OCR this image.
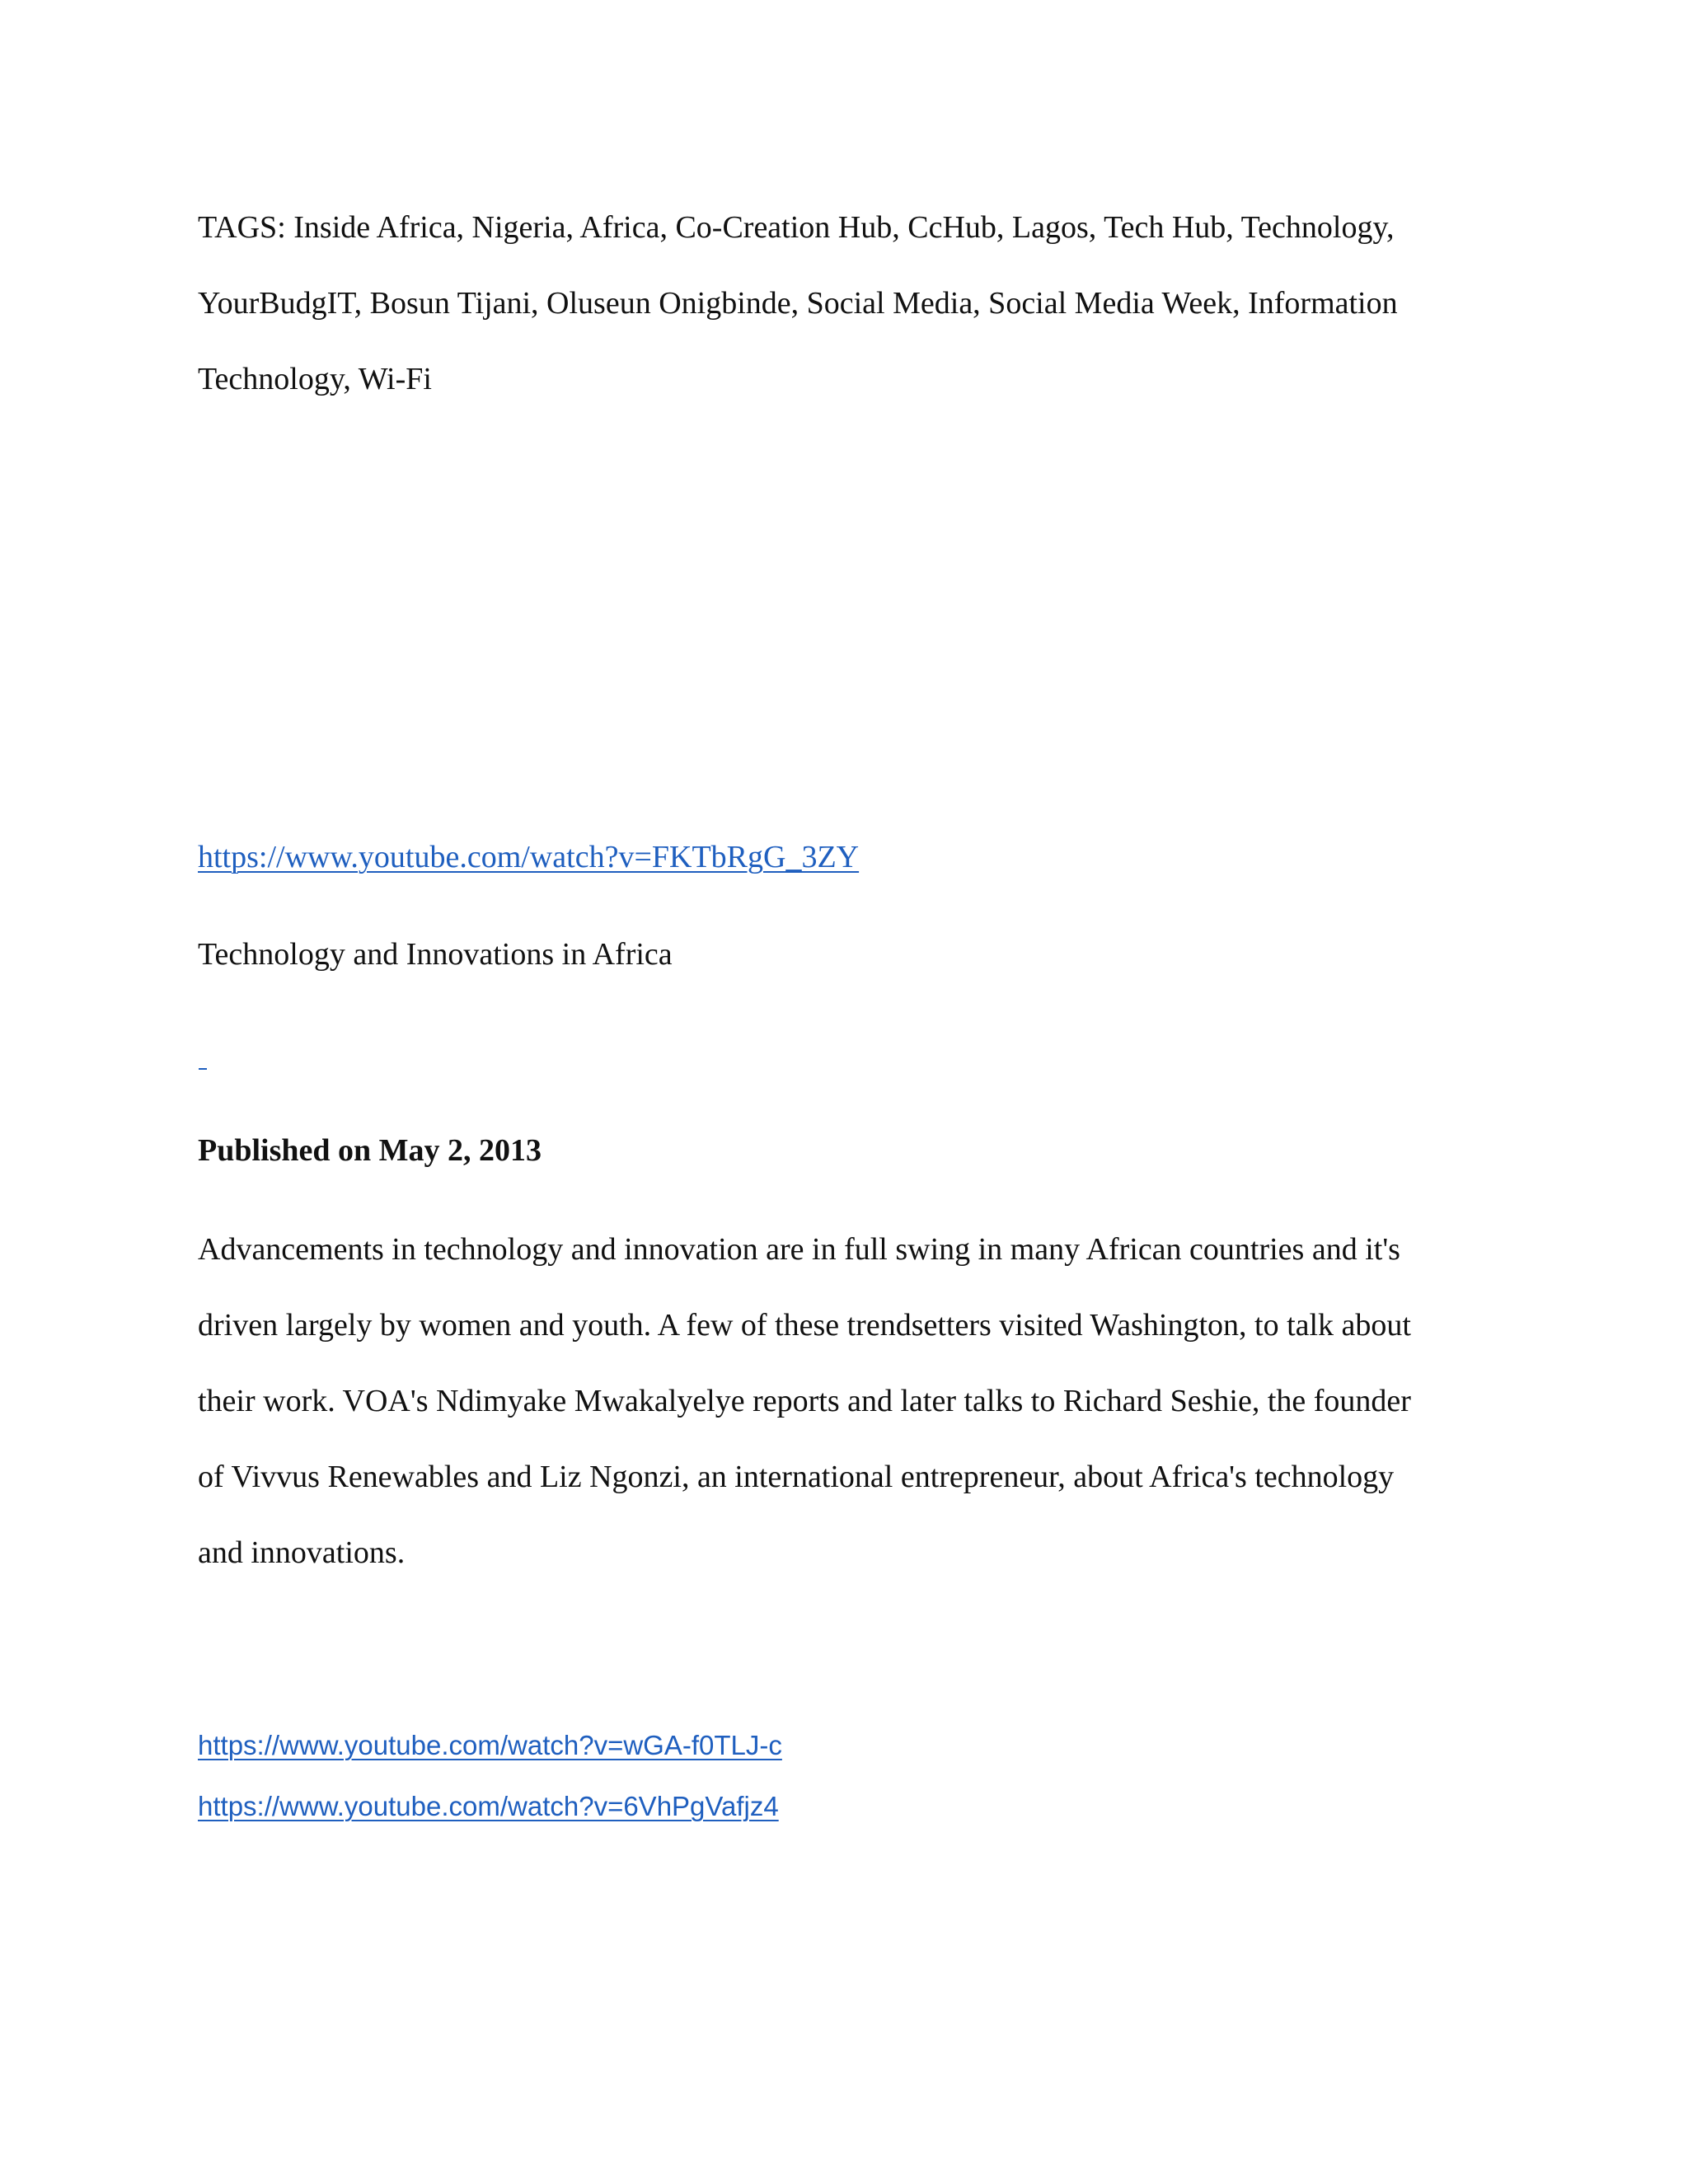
TAGS: Inside Africa, Nigeria, Africa, Co-Creation Hub, CcHub, Lagos, Tech Hub, Technology,
YourBudgIT, Bosun Tijani, Oluseun Onigbinde, Social Media, Social Media Week, Information
Technology, Wi-Fi
https://www.youtube.com/watch?v=FKTbRgG_3ZY
Technology and Innovations in Africa
Published on May 2, 2013
Advancements in technology and innovation are in full swing in many African countries and it's
driven largely by women and youth. A few of these trendsetters visited Washington, to talk about
their work. VOA's Ndimyake Mwakalyelye reports and later talks to Richard Seshie, the founder
of Vivvus Renewables and Liz Ngonzi, an international entrepreneur, about Africa's technology
and innovations.
https://www.youtube.com/watch?v=wGA-f0TLJ-c
https://www.youtube.com/watch?v=6VhPgVafjz4
